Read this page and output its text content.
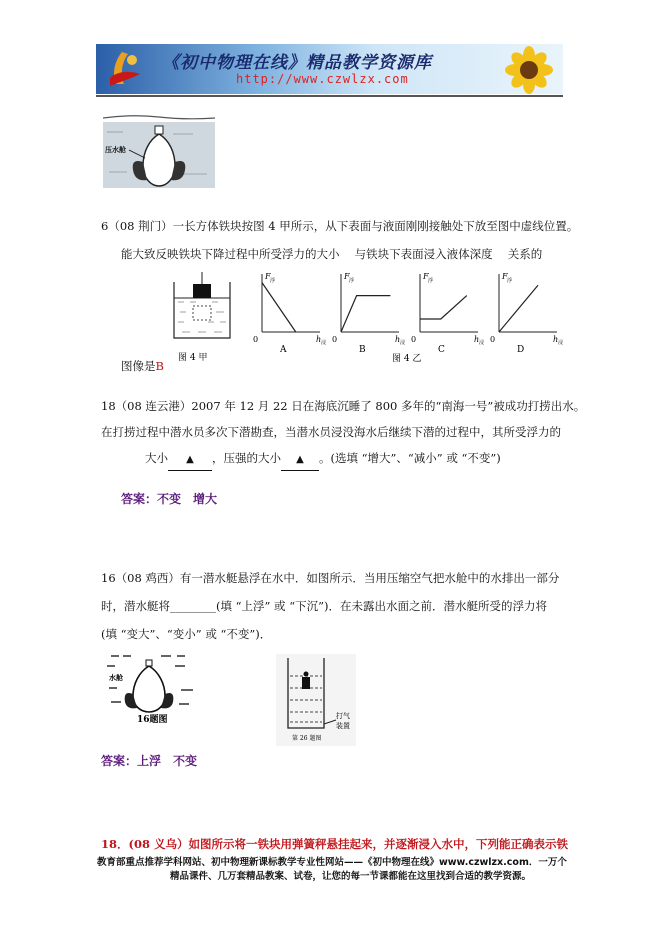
《初中物理在线》精品教学资源库
http://www.czwlzx.com
压水舱
6（08 荆门）一长方体铁块按图 4 甲所示，从下表面与液面刚刚接触处下放至图中虚线位置。
能大致反映铁块下降过程中所受浮力的大小　 与铁块下表面浸入液体深度　 关系的
图 4 甲
F 浮
h 浸
0
A
F 浮
h 浸
0
B
F 浮
h 浸
0
C
F 浮
h 浸
0
D
图 4 乙
图像是B
18（08 连云港）2007 年 12 月 22 日在海底沉睡了 800 多年的“南海一号”被成功打捞出水。
在打捞过程中潜水员多次下潜勘查，当潜水员浸没海水后继续下潜的过程中，其所受浮力的
大小 ▲ ，压强的大小 ▲ 。(选填 “增大”、“减小” 或 “不变”)
答案：不变　增大
16（08 鸡西）有一潜水艇悬浮在水中．如图所示．当用压缩空气把水舱中的水排出一部分
时，潜水艇将________(填 “上浮” 或 “下沉”)．在未露出水面之前．潜水艇所受的浮力将
(填 “变大”、“变小” 或 “不变”)．
水舱
16题图	打气
装置
第 26 题图
答案：上浮　不变
18．(08 义乌）如图所示将一铁块用弹簧秤悬挂起来，并逐渐浸入水中，下列能正确表示铁
教育部重点推荐学科网站、初中物理新课标教学专业性网站——《初中物理在线》www.czwlzx.com．一万个
精品课件、几万套精品教案、试卷，让您的每一节课都能在这里找到合适的教学资源。
